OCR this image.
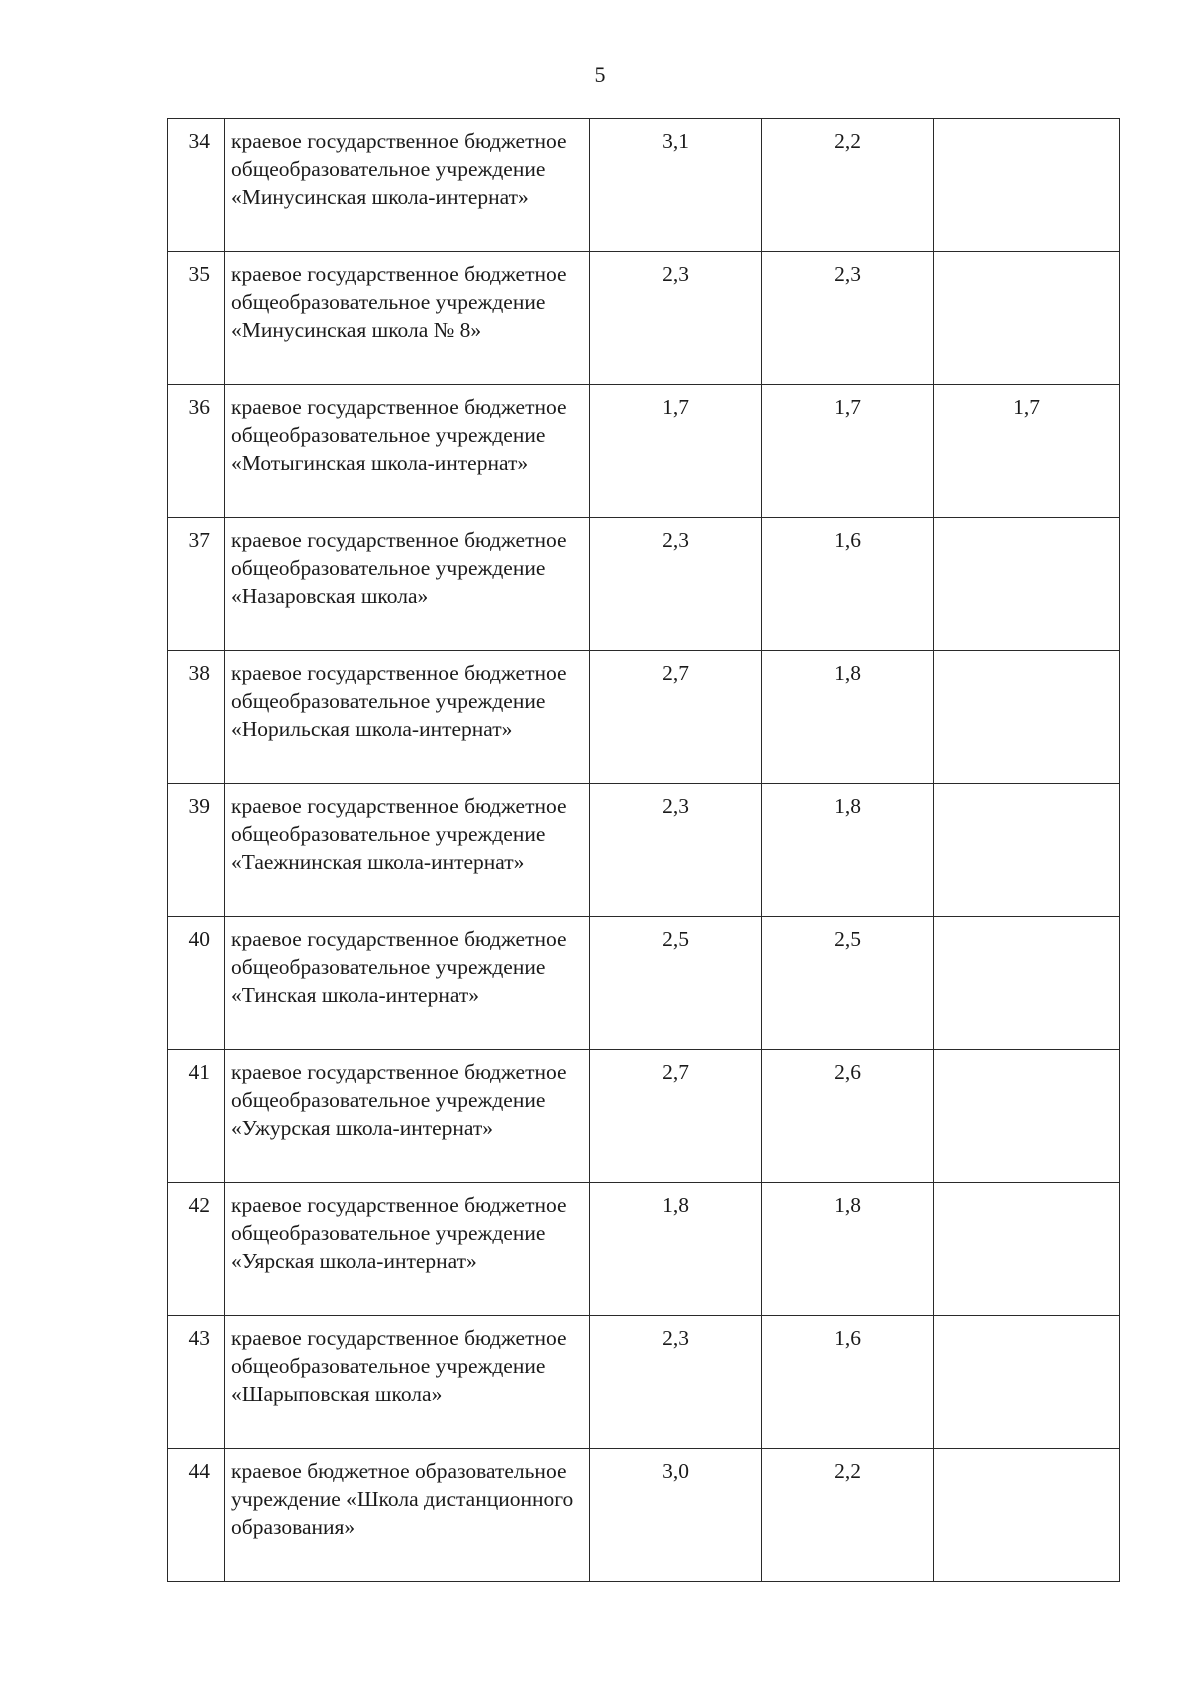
5
34	краевое государственное бюджетное общеобразовательное учреждение «Минусинская школа-интернат»	3,1	2,2	
35	краевое государственное бюджетное общеобразовательное учреждение «Минусинская школа № 8»	2,3	2,3	
36	краевое государственное бюджетное общеобразовательное учреждение «Мотыгинская школа-интернат»	1,7	1,7	1,7
37	краевое государственное бюджетное общеобразовательное учреждение «Назаровская школа»	2,3	1,6	
38	краевое государственное бюджетное общеобразовательное учреждение «Норильская школа-интернат»	2,7	1,8	
39	краевое государственное бюджетное общеобразовательное учреждение «Таежнинская школа-интернат»	2,3	1,8	
40	краевое государственное бюджетное общеобразовательное учреждение «Тинская школа-интернат»	2,5	2,5	
41	краевое государственное бюджетное общеобразовательное учреждение «Ужурская школа-интернат»	2,7	2,6	
42	краевое государственное бюджетное общеобразовательное учреждение «Уярская школа-интернат»	1,8	1,8	
43	краевое государственное бюджетное общеобразовательное учреждение «Шарыповская школа»	2,3	1,6	
44	краевое бюджетное образовательное учреждение «Школа дистанционного образования»	3,0	2,2	
